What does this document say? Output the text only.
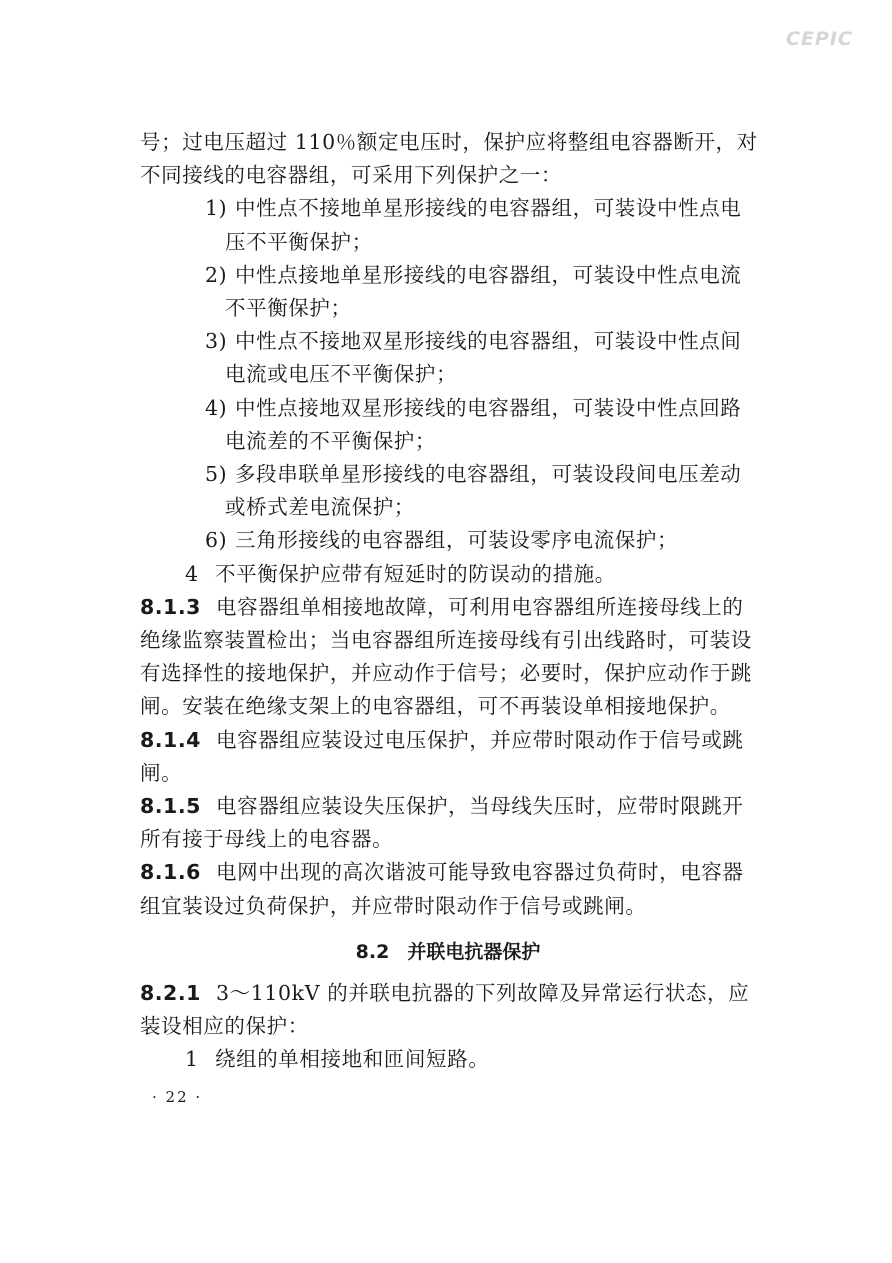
CEPIC
号；过电压超过 110％额定电压时，保护应将整组电容器断开，对
不同接线的电容器组，可采用下列保护之一：
1) 中性点不接地单星形接线的电容器组，可装设中性点电
压不平衡保护；
2) 中性点接地单星形接线的电容器组，可装设中性点电流
不平衡保护；
3) 中性点不接地双星形接线的电容器组，可装设中性点间
电流或电压不平衡保护；
4) 中性点接地双星形接线的电容器组，可装设中性点回路
电流差的不平衡保护；
5) 多段串联单星形接线的电容器组，可装设段间电压差动
或桥式差电流保护；
6) 三角形接线的电容器组，可装设零序电流保护；
4 不平衡保护应带有短延时的防误动的措施。
8.1.3 电容器组单相接地故障，可利用电容器组所连接母线上的
绝缘监察装置检出；当电容器组所连接母线有引出线路时，可装设
有选择性的接地保护，并应动作于信号；必要时，保护应动作于跳
闸。安装在绝缘支架上的电容器组，可不再装设单相接地保护。
8.1.4 电容器组应装设过电压保护，并应带时限动作于信号或跳
闸。
8.1.5 电容器组应装设失压保护，当母线失压时，应带时限跳开
所有接于母线上的电容器。
8.1.6 电网中出现的高次谐波可能导致电容器过负荷时，电容器
组宜装设过负荷保护，并应带时限动作于信号或跳闸。
8.2 并联电抗器保护
8.2.1 3～110kV 的并联电抗器的下列故障及异常运行状态，应
装设相应的保护：
1 绕组的单相接地和匝间短路。
· 22 ·
